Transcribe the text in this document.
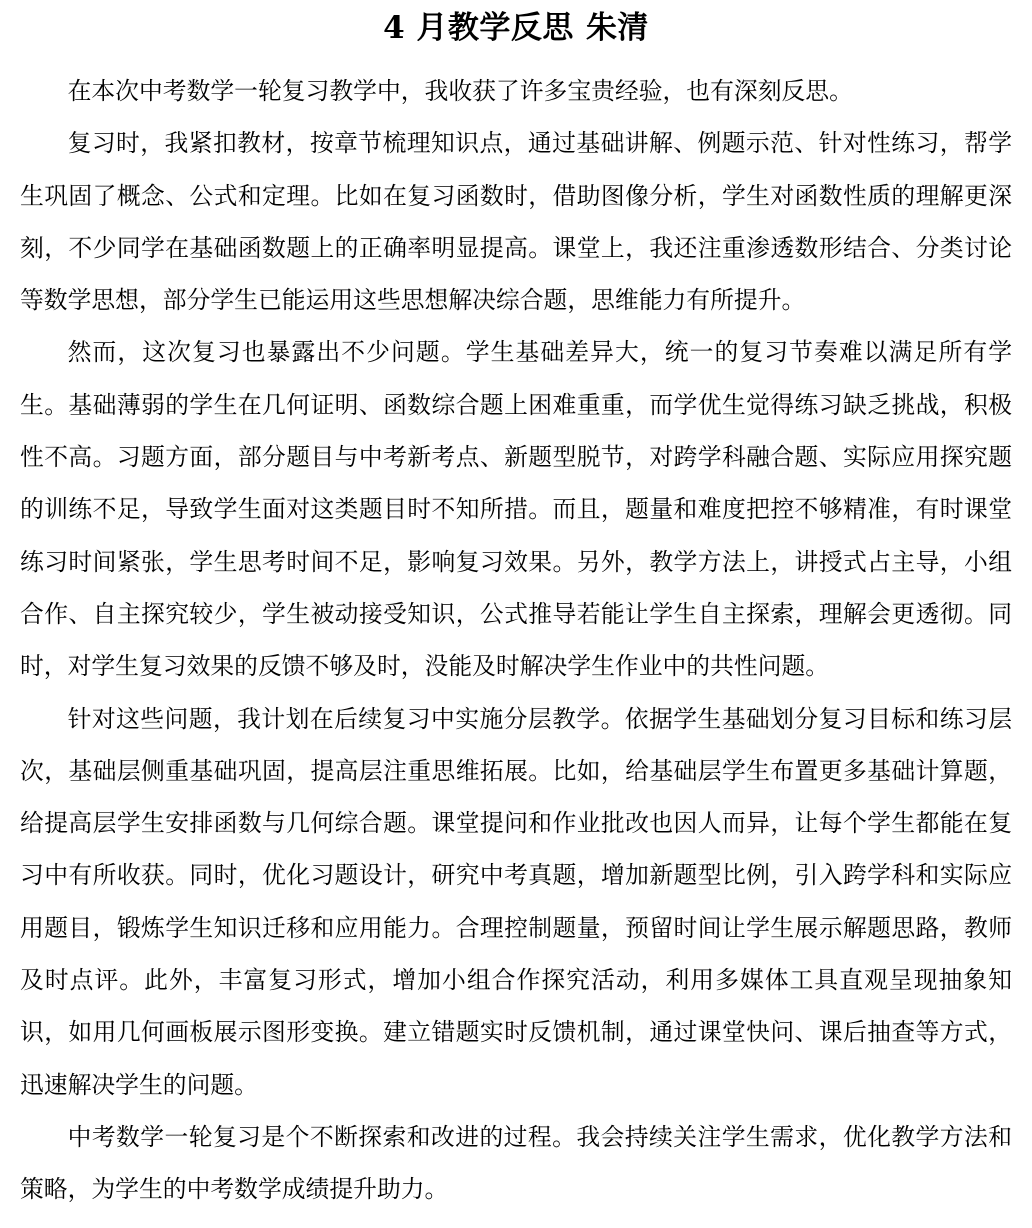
4 月教学反思 朱清

在本次中考数学一轮复习教学中，我收获了许多宝贵经验，也有深刻反思。

复习时，我紧扣教材，按章节梳理知识点，通过基础讲解、例题示范、针对性练习，帮学生巩固了概念、公式和定理。比如在复习函数时，借助图像分析，学生对函数性质的理解更深刻，不少同学在基础函数题上的正确率明显提高。课堂上，我还注重渗透数形结合、分类讨论等数学思想，部分学生已能运用这些思想解决综合题，思维能力有所提升。

然而，这次复习也暴露出不少问题。学生基础差异大，统一的复习节奏难以满足所有学生。基础薄弱的学生在几何证明、函数综合题上困难重重，而学优生觉得练习缺乏挑战，积极性不高。习题方面，部分题目与中考新考点、新题型脱节，对跨学科融合题、实际应用探究题的训练不足，导致学生面对这类题目时不知所措。而且，题量和难度把控不够精准，有时课堂练习时间紧张，学生思考时间不足，影响复习效果。另外，教学方法上，讲授式占主导，小组合作、自主探究较少，学生被动接受知识，公式推导若能让学生自主探索，理解会更透彻。同时，对学生复习效果的反馈不够及时，没能及时解决学生作业中的共性问题。

针对这些问题，我计划在后续复习中实施分层教学。依据学生基础划分复习目标和练习层次，基础层侧重基础巩固，提高层注重思维拓展。比如，给基础层学生布置更多基础计算题，给提高层学生安排函数与几何综合题。课堂提问和作业批改也因人而异，让每个学生都能在复习中有所收获。同时，优化习题设计，研究中考真题，增加新题型比例，引入跨学科和实际应用题目，锻炼学生知识迁移和应用能力。合理控制题量，预留时间让学生展示解题思路，教师及时点评。此外，丰富复习形式，增加小组合作探究活动，利用多媒体工具直观呈现抽象知识，如用几何画板展示图形变换。建立错题实时反馈机制，通过课堂快问、课后抽查等方式，迅速解决学生的问题。

中考数学一轮复习是个不断探索和改进的过程。我会持续关注学生需求，优化教学方法和策略，为学生的中考数学成绩提升助力。
